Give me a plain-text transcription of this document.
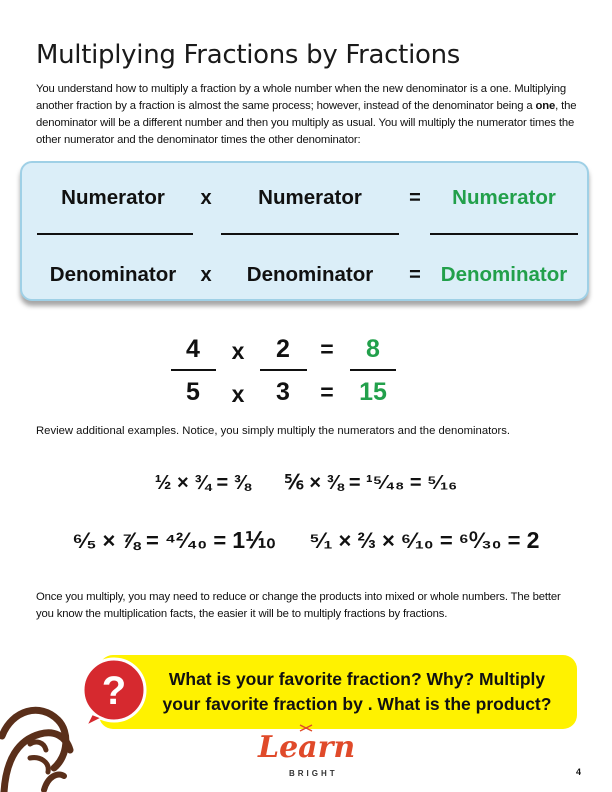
Multiplying Fractions by Fractions

You understand how to multiply a fraction by a whole number when the new denominator is a one. Multiplying another fraction by a fraction is almost the same process; however, instead of the denominator being a one, the denominator will be a different number and then you multiply as usual. You will multiply the numerator times the other numerator and the denominator times the other denominator:

Numerator x Numerator = Numerator
Denominator x Denominator = Denominator
4 x 2 = 8
5 x 3 = 15

Review additional examples. Notice, you simply multiply the numerators and the denominators.

½ × ¾ = ⅜ ⅚ × ⅜ = ¹⁵⁄₄₈ = ⁵⁄₁₆
⁶⁄₅ × ⅞ = ⁴²⁄₄₀ = 1⅒ ⁵⁄₁ × ⅔ × ⁶⁄₁₀ = ⁶⁰⁄₃₀ = 2

Once you multiply, you may need to reduce or change the products into mixed or whole numbers. The better you know the multiplication facts, the easier it will be to multiply fractions by fractions.

What is your favorite fraction? Why? Multiply your favorite fraction by . What is the product?

?
Learn
BRIGHT	4
